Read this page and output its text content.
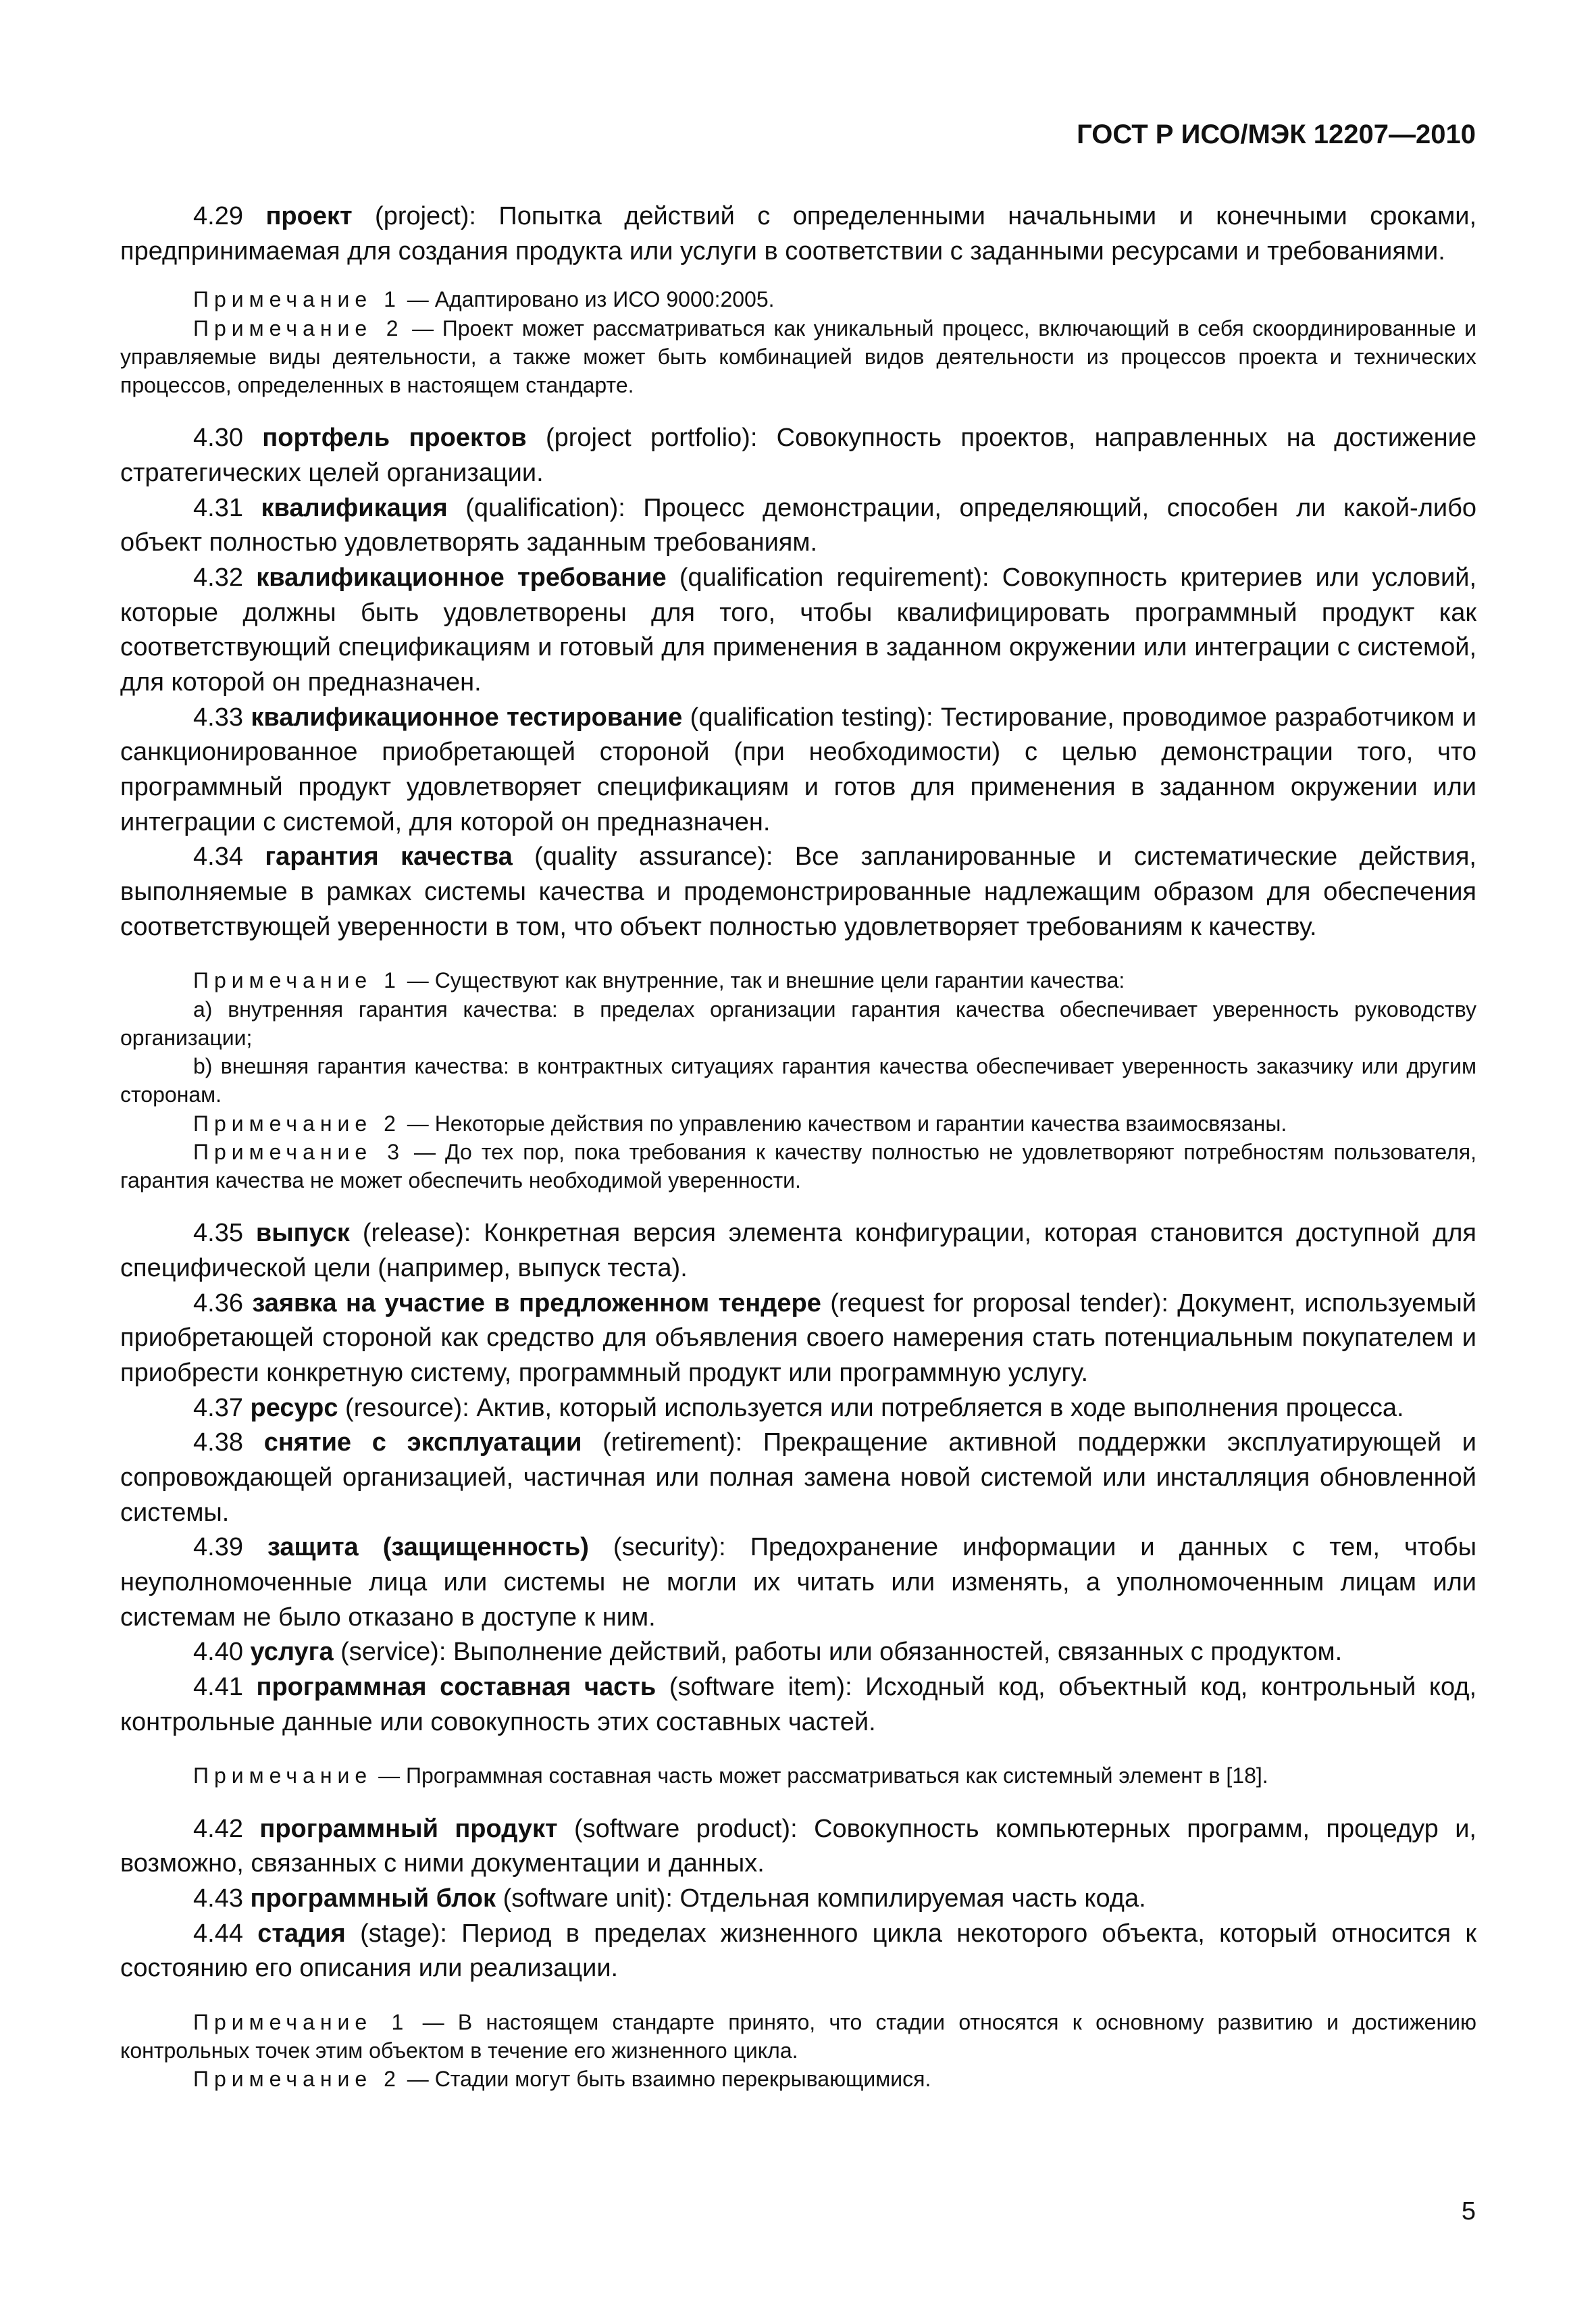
ГОСТ Р ИСО/МЭК 12207—2010

4.29 проект (project): Попытка действий с определенными начальными и конечными сроками, предпринимаемая для создания продукта или услуги в соответствии с заданными ресурсами и требованиями.

Примечание 1 — Адаптировано из ИСО 9000:2005.

Примечание 2 — Проект может рассматриваться как уникальный процесс, включающий в себя скоординированные и управляемые виды деятельности, а также может быть комбинацией видов деятельности из процессов проекта и технических процессов, определенных в настоящем стандарте.

4.30 портфель проектов (project portfolio): Совокупность проектов, направленных на достижение стратегических целей организации.

4.31 квалификация (qualification): Процесс демонстрации, определяющий, способен ли какой-либо объект полностью удовлетворять заданным требованиям.

4.32 квалификационное требование (qualification requirement): Совокупность критериев или условий, которые должны быть удовлетворены для того, чтобы квалифицировать программный продукт как соответствующий спецификациям и готовый для применения в заданном окружении или интеграции с системой, для которой он предназначен.

4.33 квалификационное тестирование (qualification testing): Тестирование, проводимое разработчиком и санкционированное приобретающей стороной (при необходимости) с целью демонстрации того, что программный продукт удовлетворяет спецификациям и готов для применения в заданном окружении или интеграции с системой, для которой он предназначен.

4.34 гарантия качества (quality assurance): Все запланированные и систематические действия, выполняемые в рамках системы качества и продемонстрированные надлежащим образом для обеспечения соответствующей уверенности в том, что объект полностью удовлетворяет требованиям к качеству.

Примечание 1 — Существуют как внутренние, так и внешние цели гарантии качества:

a) внутренняя гарантия качества: в пределах организации гарантия качества обеспечивает уверенность руководству организации;

b) внешняя гарантия качества: в контрактных ситуациях гарантия качества обеспечивает уверенность заказчику или другим сторонам.

Примечание 2 — Некоторые действия по управлению качеством и гарантии качества взаимосвязаны.

Примечание 3 — До тех пор, пока требования к качеству полностью не удовлетворяют потребностям пользователя, гарантия качества не может обеспечить необходимой уверенности.

4.35 выпуск (release): Конкретная версия элемента конфигурации, которая становится доступной для специфической цели (например, выпуск теста).

4.36 заявка на участие в предложенном тендере (request for proposal tender): Документ, используемый приобретающей стороной как средство для объявления своего намерения стать потенциальным покупателем и приобрести конкретную систему, программный продукт или программную услугу.

4.37 ресурс (resource): Актив, который используется или потребляется в ходе выполнения процесса.

4.38 снятие с эксплуатации (retirement): Прекращение активной поддержки эксплуатирующей и сопровождающей организацией, частичная или полная замена новой системой или инсталляция обновленной системы.

4.39 защита (защищенность) (security): Предохранение информации и данных с тем, чтобы неуполномоченные лица или системы не могли их читать или изменять, а уполномоченным лицам или системам не было отказано в доступе к ним.

4.40 услуга (service): Выполнение действий, работы или обязанностей, связанных с продуктом.

4.41 программная составная часть (software item): Исходный код, объектный код, контрольный код, контрольные данные или совокупность этих составных частей.

Примечание — Программная составная часть может рассматриваться как системный элемент в [18].

4.42 программный продукт (software product): Совокупность компьютерных программ, процедур и, возможно, связанных с ними документации и данных.

4.43 программный блок (software unit): Отдельная компилируемая часть кода.

4.44 стадия (stage): Период в пределах жизненного цикла некоторого объекта, который относится к состоянию его описания или реализации.

Примечание 1 — В настоящем стандарте принято, что стадии относятся к основному развитию и достижению контрольных точек этим объектом в течение его жизненного цикла.

Примечание 2 — Стадии могут быть взаимно перекрывающимися.

5
